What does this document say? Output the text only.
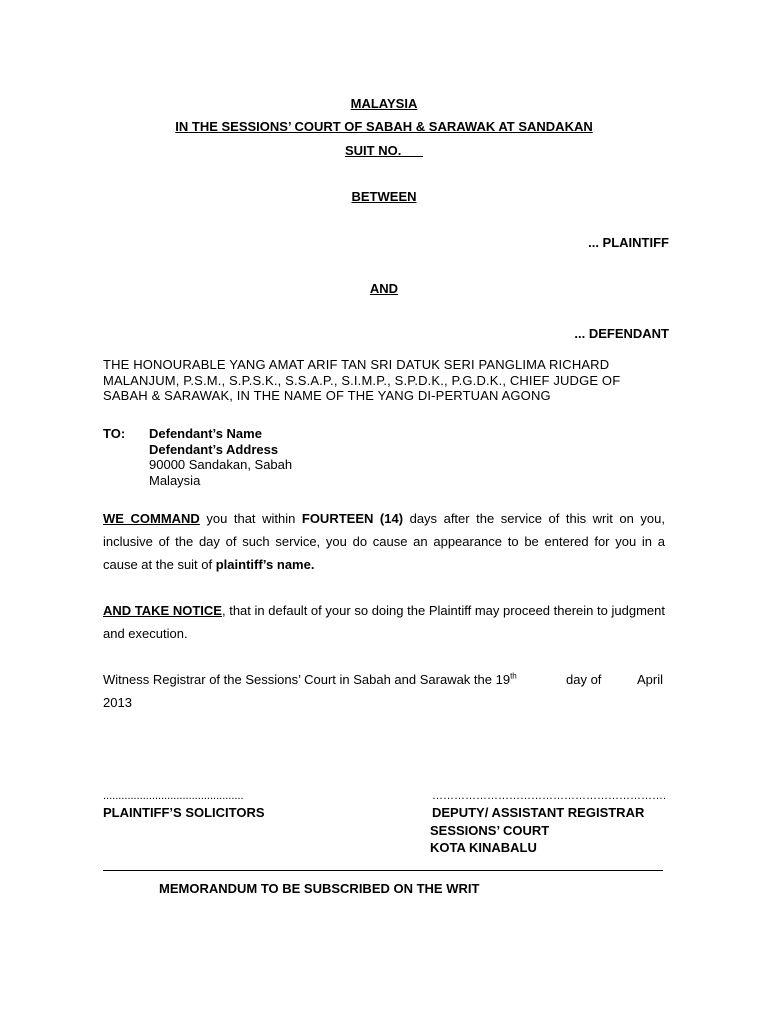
MALAYSIA
IN THE SESSIONS’ COURT OF SABAH & SARAWAK AT SANDAKAN
SUIT NO.
BETWEEN
... PLAINTIFF
AND
... DEFENDANT
THE HONOURABLE YANG AMAT ARIF TAN SRI DATUK SERI PANGLIMA RICHARD
MALANJUM, P.S.M., S.P.S.K., S.S.A.P., S.I.M.P., S.P.D.K., P.G.D.K., CHIEF JUDGE OF
SABAH & SARAWAK, IN THE NAME OF THE YANG DI-PERTUAN AGONG
TO: Defendant’s Name
Defendant’s Address
90000 Sandakan, Sabah
Malaysia
WE COMMAND you that within FOURTEEN (14) days after the service of this writ on you, inclusive of the day of such service, you do cause an appearance to be entered for you in a cause at the suit of plaintiff’s name.
AND TAKE NOTICE, that in default of your so doing the Plaintiff may proceed therein to judgment and execution.
Witness Registrar of the Sessions’ Court in Sabah and Sarawak the 19th	day of	April
2013
..............................................
PLAINTIFF’S SOLICITORS
……………………………………………………….
DEPUTY/ ASSISTANT REGISTRAR
SESSIONS’ COURT
KOTA KINABALU
MEMORANDUM TO BE SUBSCRIBED ON THE WRIT
